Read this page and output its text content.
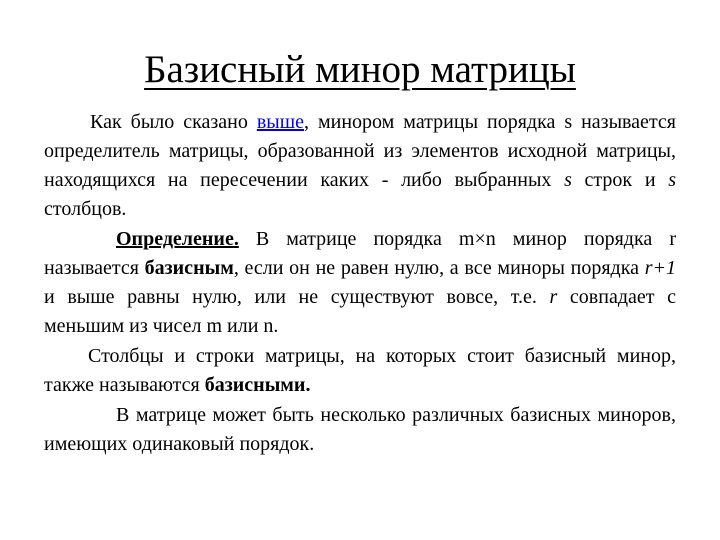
Базисный минор матрицы

Как было сказано выше, минором матрицы порядка s называется определитель матрицы, образованной из элементов исходной матрицы, находящихся на пересечении каких - либо выбранных s строк и s столбцов.

Определение. В матрице порядка m×n минор порядка r называется базисным, если он не равен нулю, а все миноры порядка r+1 и выше равны нулю, или не существуют вовсе, т.е. r совпадает с меньшим из чисел m или n.

Столбцы и строки матрицы, на которых стоит базисный минор, также называются базисными.

В матрице может быть несколько различных базисных миноров, имеющих одинаковый порядок.
